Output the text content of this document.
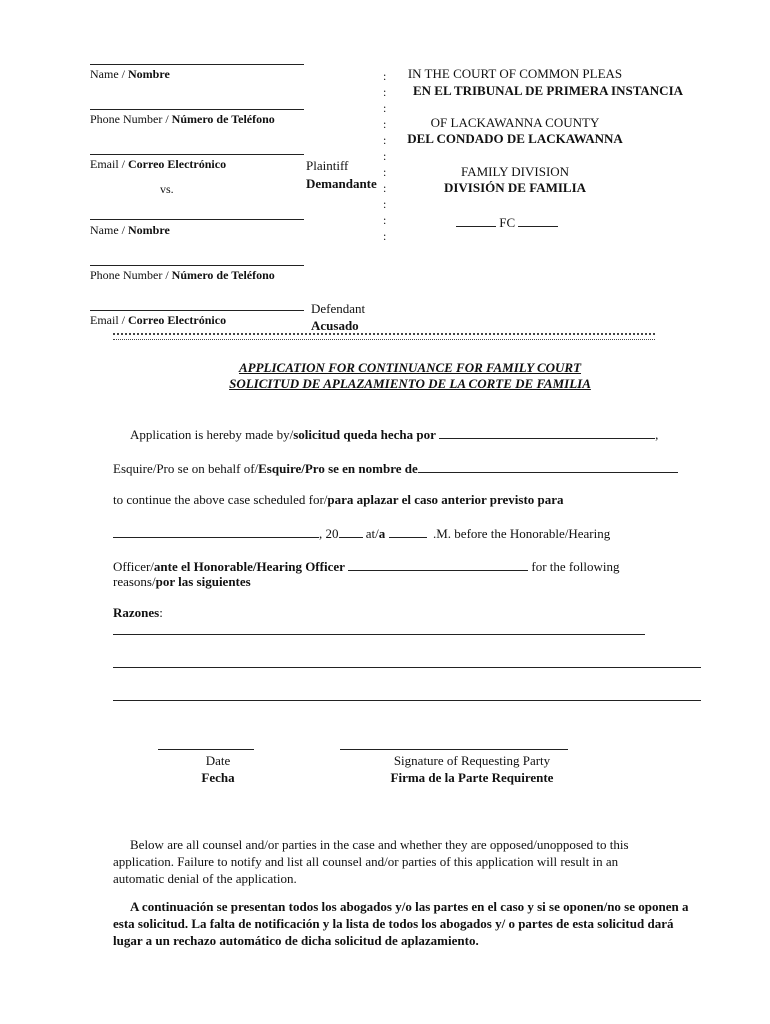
Name / Nombre
Phone Number / Número de Teléfono
Email / Correo Electrónico	Plaintiff
Demandante
vs.
Name / Nombre
Phone Number / Número de Teléfono
Email / Correo Electrónico
Defendant
Acusado
:
:
:
:
:
:
:
:
:
:
:
IN THE COURT OF COMMON PLEAS
EN EL TRIBUNAL DE PRIMERA INSTANCIA
OF LACKAWANNA COUNTY
DEL CONDADO DE LACKAWANNA
FAMILY DIVISION
DIVISIÓN DE FAMILIA
FC
APPLICATION FOR CONTINUANCE FOR FAMILY COURT
SOLICITUD DE APLAZAMIENTO DE LA CORTE DE FAMILIA
Application is hereby made by/solicitud queda hecha por	,
Esquire/Pro se on behalf of/Esquire/Pro se en nombre de
to continue the above case scheduled for/para aplazar el caso anterior previsto para
, 20 at/a	.M. before the Honorable/Hearing
Officer/ante el Honorable/Hearing Officer	for the following
reasons/por las siguientes
Razones:
Date
Fecha
Signature of Requesting Party
Firma de la Parte Requirente
Below are all counsel and/or parties in the case and whether they are opposed/unopposed to this application. Failure to notify and list all counsel and/or parties of this application will result in an automatic denial of the application.
A continuación se presentan todos los abogados y/o las partes en el caso y si se oponen/no se oponen a esta solicitud. La falta de notificación y la lista de todos los abogados y/ o partes de esta solicitud dará lugar a un rechazo automático de dicha solicitud de aplazamiento.
